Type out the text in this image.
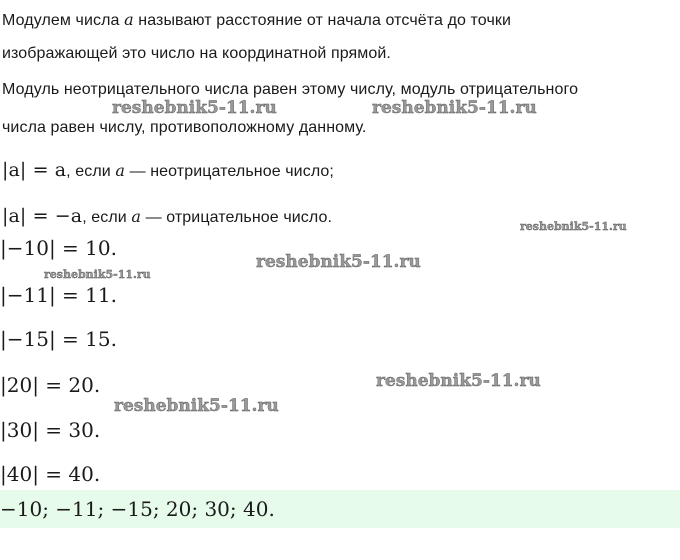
Модулем числа a называют расстояние от начала отсчёта до точки
изображающей это число на координатной прямой.
Модуль неотрицательного числа равен этому числу, модуль отрицательного
числа равен числу, противоположному данному.
|a| = a, если a — неотрицательное число;
|a| = −a, если a — отрицательное число.
|−10| = 10.
|−11| = 11.
|−15| = 15.
|20| = 20.
|30| = 30.
|40| = 40.
−10; −11; −15; 20; 30; 40.
reshebnik5-11.ru	reshebnik5-11.ru
reshebnik5-11.ru
reshebnik5-11.ru
reshebnik5-11.ru
reshebnik5-11.ru
reshebnik5-11.ru
